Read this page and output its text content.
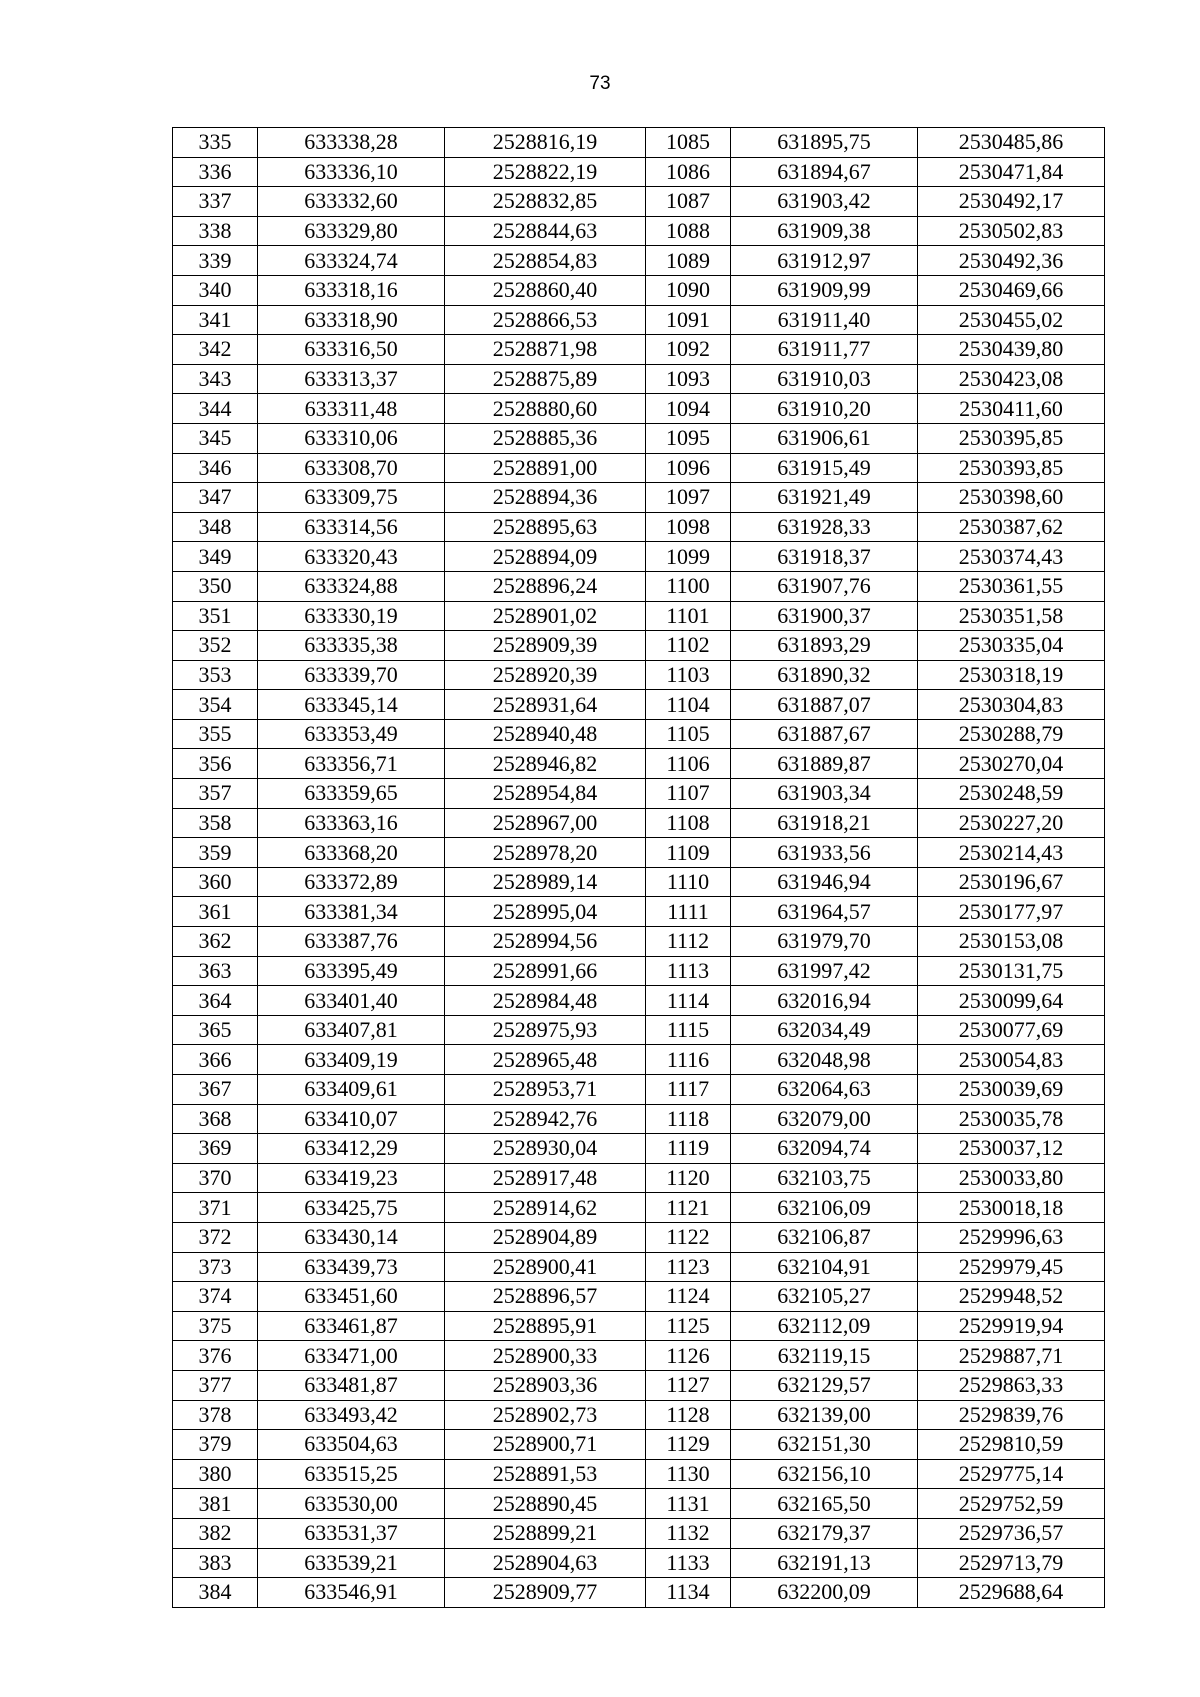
73
335	633338,28	2528816,19	1085	631895,75	2530485,86
336	633336,10	2528822,19	1086	631894,67	2530471,84
337	633332,60	2528832,85	1087	631903,42	2530492,17
338	633329,80	2528844,63	1088	631909,38	2530502,83
339	633324,74	2528854,83	1089	631912,97	2530492,36
340	633318,16	2528860,40	1090	631909,99	2530469,66
341	633318,90	2528866,53	1091	631911,40	2530455,02
342	633316,50	2528871,98	1092	631911,77	2530439,80
343	633313,37	2528875,89	1093	631910,03	2530423,08
344	633311,48	2528880,60	1094	631910,20	2530411,60
345	633310,06	2528885,36	1095	631906,61	2530395,85
346	633308,70	2528891,00	1096	631915,49	2530393,85
347	633309,75	2528894,36	1097	631921,49	2530398,60
348	633314,56	2528895,63	1098	631928,33	2530387,62
349	633320,43	2528894,09	1099	631918,37	2530374,43
350	633324,88	2528896,24	1100	631907,76	2530361,55
351	633330,19	2528901,02	1101	631900,37	2530351,58
352	633335,38	2528909,39	1102	631893,29	2530335,04
353	633339,70	2528920,39	1103	631890,32	2530318,19
354	633345,14	2528931,64	1104	631887,07	2530304,83
355	633353,49	2528940,48	1105	631887,67	2530288,79
356	633356,71	2528946,82	1106	631889,87	2530270,04
357	633359,65	2528954,84	1107	631903,34	2530248,59
358	633363,16	2528967,00	1108	631918,21	2530227,20
359	633368,20	2528978,20	1109	631933,56	2530214,43
360	633372,89	2528989,14	1110	631946,94	2530196,67
361	633381,34	2528995,04	1111	631964,57	2530177,97
362	633387,76	2528994,56	1112	631979,70	2530153,08
363	633395,49	2528991,66	1113	631997,42	2530131,75
364	633401,40	2528984,48	1114	632016,94	2530099,64
365	633407,81	2528975,93	1115	632034,49	2530077,69
366	633409,19	2528965,48	1116	632048,98	2530054,83
367	633409,61	2528953,71	1117	632064,63	2530039,69
368	633410,07	2528942,76	1118	632079,00	2530035,78
369	633412,29	2528930,04	1119	632094,74	2530037,12
370	633419,23	2528917,48	1120	632103,75	2530033,80
371	633425,75	2528914,62	1121	632106,09	2530018,18
372	633430,14	2528904,89	1122	632106,87	2529996,63
373	633439,73	2528900,41	1123	632104,91	2529979,45
374	633451,60	2528896,57	1124	632105,27	2529948,52
375	633461,87	2528895,91	1125	632112,09	2529919,94
376	633471,00	2528900,33	1126	632119,15	2529887,71
377	633481,87	2528903,36	1127	632129,57	2529863,33
378	633493,42	2528902,73	1128	632139,00	2529839,76
379	633504,63	2528900,71	1129	632151,30	2529810,59
380	633515,25	2528891,53	1130	632156,10	2529775,14
381	633530,00	2528890,45	1131	632165,50	2529752,59
382	633531,37	2528899,21	1132	632179,37	2529736,57
383	633539,21	2528904,63	1133	632191,13	2529713,79
384	633546,91	2528909,77	1134	632200,09	2529688,64
